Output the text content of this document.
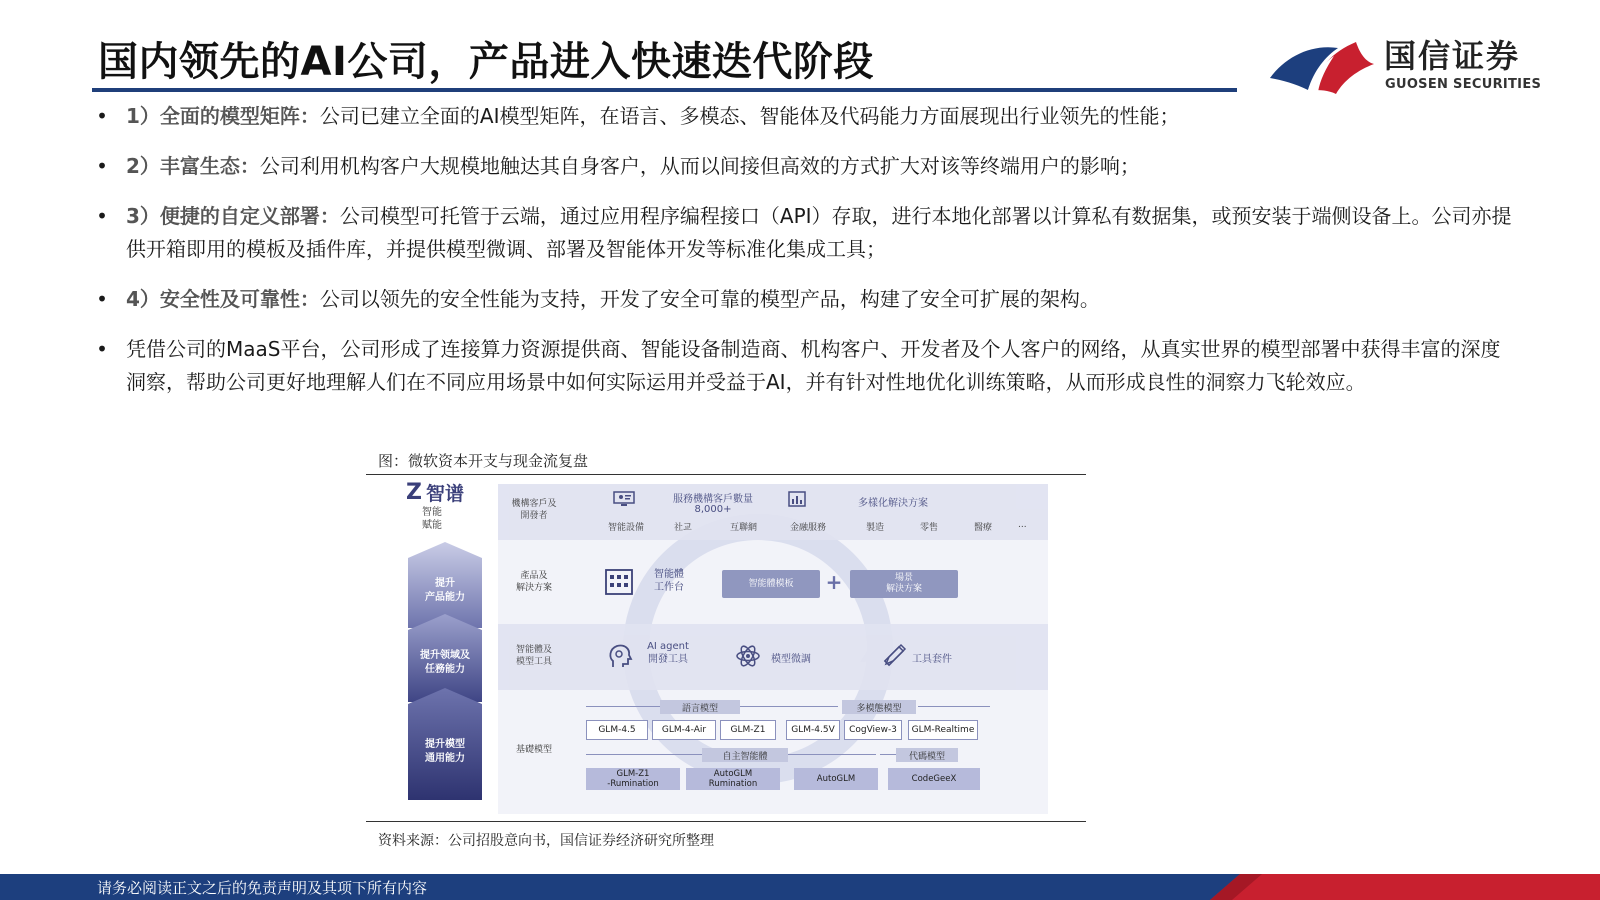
国内领先的AI公司，产品进入快速迭代阶段	国信证券
GUOSEN SECURITIES
• 1）全面的模型矩阵：公司已建立全面的AI模型矩阵，在语言、多模态、智能体及代码能力方面展现出行业领先的性能；
• 2）丰富生态：公司利用机构客户大规模地触达其自身客户，从而以间接但高效的方式扩大对该等终端用户的影响；
• 3）便捷的自定义部署：公司模型可托管于云端，通过应用程序编程接口（API）存取，进行本地化部署以计算私有数据集，或预安装于端侧设备上。公司亦提供开箱即用的模板及插件库，并提供模型微调、部署及智能体开发等标准化集成工具；
• 4）安全性及可靠性：公司以领先的安全性能为支持，开发了安全可靠的模型产品，构建了安全可扩展的架构。
• 凭借公司的MaaS平台，公司形成了连接算力资源提供商、智能设备制造商、机构客户、开发者及个人客户的网络，从真实世界的模型部署中获得丰富的深度洞察，帮助公司更好地理解人们在不同应用场景中如何实际运用并受益于AI，并有针对性地优化训练策略，从而形成良性的洞察力飞轮效应。
图：微软资本开支与现金流复盘
Z 智谱
智能
赋能
提升
产品能力
提升领域及
任務能力
提升模型
通用能力
機構客戶及
開發者
服務機構客戶數量
8,000+
多樣化解決方案
智能設備	社교	互聯網	金融服務	製造	零售	醫療	...
產品及
解決方案
智能體
工作台	智能體模板	+	場景
解決方案
智能體及
模型工具
AI agent
開發工具	模型微調	工具套件
基礎模型
語言模型	多模態模型
GLM-4.5	GLM-4-Air	GLM-Z1	GLM-4.5V	CogView-3	GLM-Realtime
自主智能體	代碼模型
GLM-Z1
-Rumination
AutoGLM
Rumination	AutoGLM	CodeGeeX
资料来源：公司招股意向书，国信证券经济研究所整理
请务必阅读正文之后的免责声明及其项下所有内容
